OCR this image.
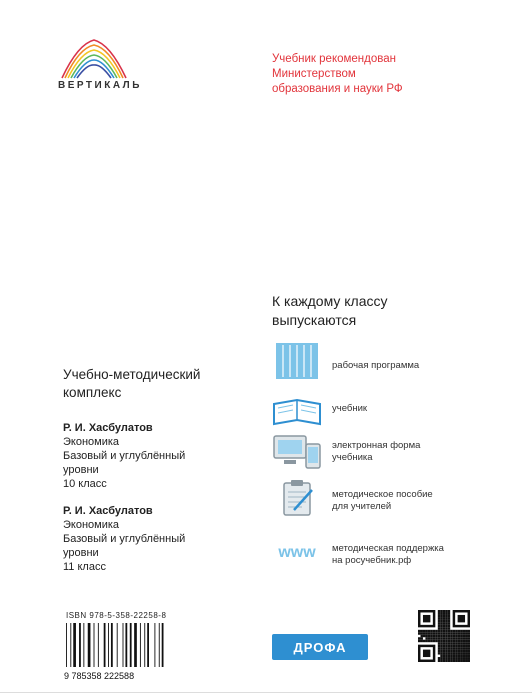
ВЕРТИКАЛЬ
Учебник рекомендован
Министерством
образования и науки РФ
К каждому классу
выпускаются
Учебно-методический
комплекс
Р. И. Хасбулатов
Экономика
Базовый и углублённый
уровни
10 класс
Р. И. Хасбулатов
Экономика
Базовый и углублённый
уровни
11 класс
рабочая программа
учебник
электронная форма
учебника
методическое пособие
для учителей
www методическая поддержка
на росучебник.рф
ISBN 978-5-358-22258-8
9 785358 222588
ДРОФА
